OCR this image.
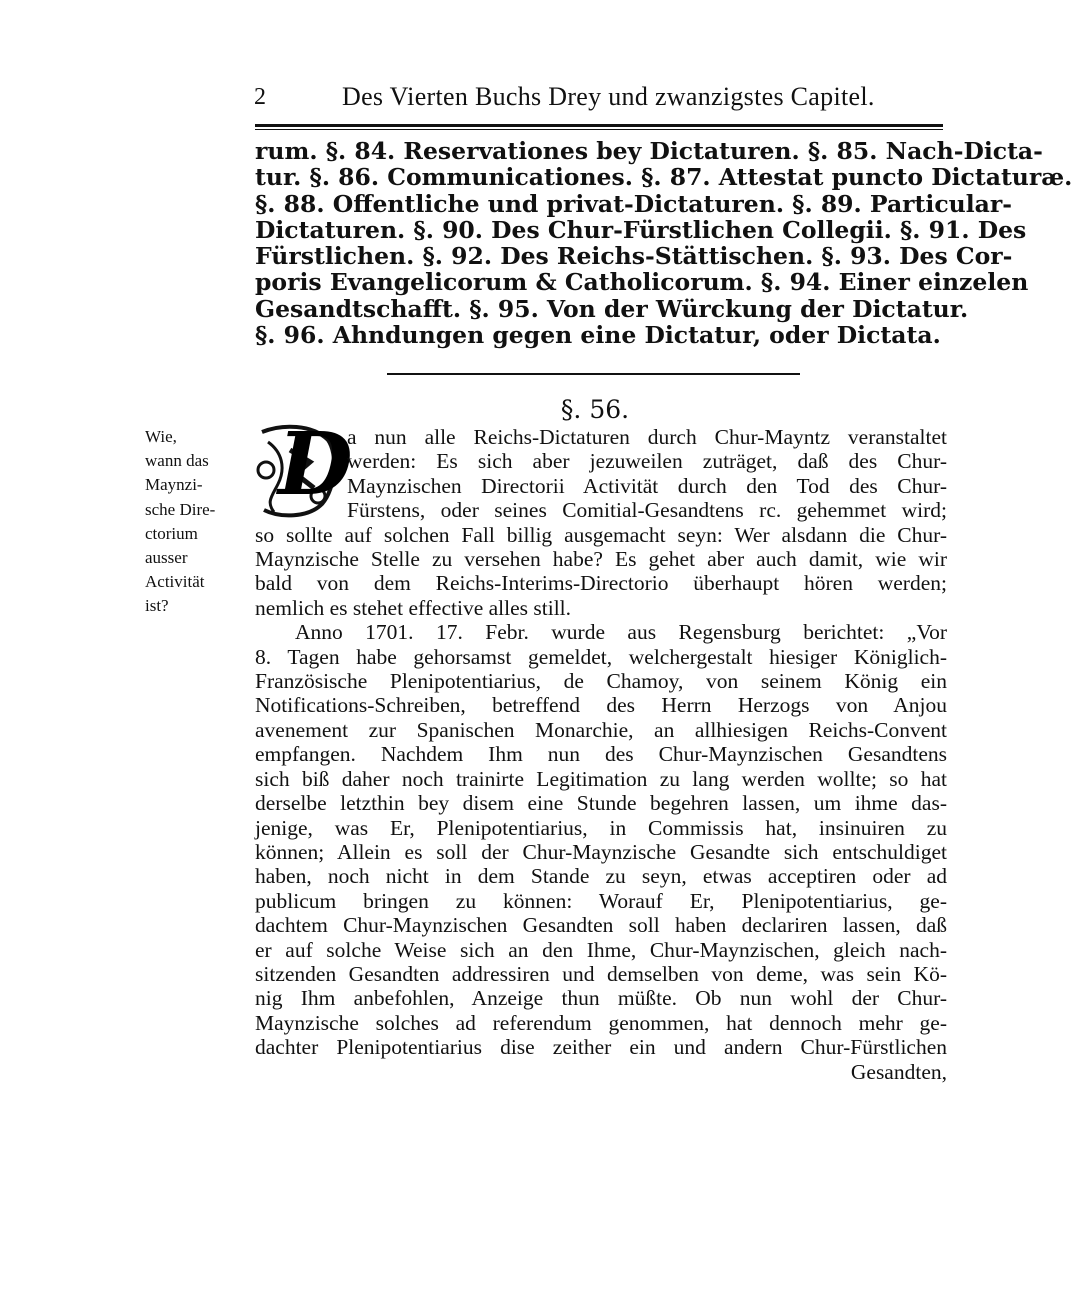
2	Des Vierten Buchs Drey und zwanzigstes Capitel.
rum. §. 84. Reservationes bey Dictaturen. §. 85. Nach-Dicta-
tur. §. 86. Communicationes. §. 87. Attestat puncto Dictaturæ.
§. 88. Offentliche und privat-Dictaturen. §. 89. Particular-
Dictaturen. §. 90. Des Chur-Fürstlichen Collegii. §. 91. Des
Fürstlichen. §. 92. Des Reichs-Stättischen. §. 93. Des Cor-
poris Evangelicorum & Catholicorum. §. 94. Einer einzelen
Gesandtschafft. §. 95. Von der Würckung der Dictatur.
§. 96. Ahndungen gegen eine Dictatur, oder Dictata.
§. 56.
Wie,
wann das
Maynzi-
sche Dire-
ctorium
ausser
Activität
ist?
D
a nun alle Reichs-Dictaturen durch Chur-Mayntz veranstaltet
werden: Es sich aber jezuweilen zuträget, daß des Chur-
Maynzischen Directorii Activität durch den Tod des Chur-
Fürstens, oder seines Comitial-Gesandtens rc. gehemmet wird;
so sollte auf solchen Fall billig ausgemacht seyn: Wer alsdann die Chur-
Maynzische Stelle zu versehen habe? Es gehet aber auch damit, wie wir
bald von dem Reichs-Interims-Directorio überhaupt hören werden;
nemlich es stehet effective alles still.
Anno 1701. 17. Febr. wurde aus Regensburg berichtet: „Vor
8. Tagen habe gehorsamst gemeldet, welchergestalt hiesiger Königlich-
Französische Plenipotentiarius, de Chamoy, von seinem König ein
Notifications-Schreiben, betreffend des Herrn Herzogs von Anjou
avenement zur Spanischen Monarchie, an allhiesigen Reichs-Convent
empfangen. Nachdem Ihm nun des Chur-Maynzischen Gesandtens
sich biß daher noch trainirte Legitimation zu lang werden wollte; so hat
derselbe letzthin bey disem eine Stunde begehren lassen, um ihme das-
jenige, was Er, Plenipotentiarius, in Commissis hat, insinuiren zu
können; Allein es soll der Chur-Maynzische Gesandte sich entschuldiget
haben, noch nicht in dem Stande zu seyn, etwas acceptiren oder ad
publicum bringen zu können: Worauf Er, Plenipotentiarius, ge-
dachtem Chur-Maynzischen Gesandten soll haben declariren lassen, daß
er auf solche Weise sich an den Ihme, Chur-Maynzischen, gleich nach-
sitzenden Gesandten addressiren und demselben von deme, was sein Kö-
nig Ihm anbefohlen, Anzeige thun müßte. Ob nun wohl der Chur-
Maynzische solches ad referendum genommen, hat dennoch mehr ge-
dachter Plenipotentiarius dise zeither ein und andern Chur-Fürstlichen
Gesandten,
